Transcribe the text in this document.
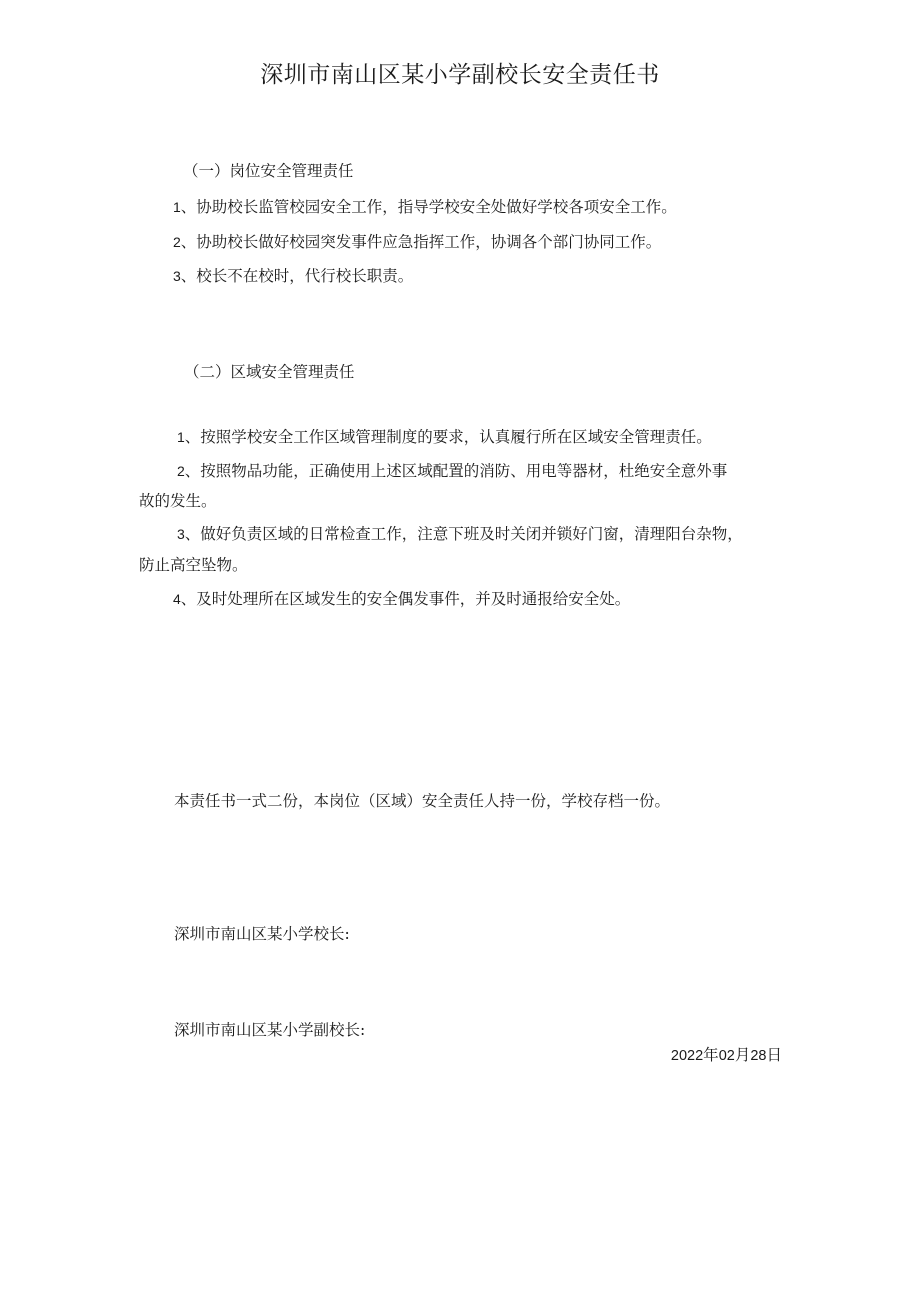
深圳市南山区某小学副校长安全责任书
（一）岗位安全管理责任
1、协助校长监管校园安全工作，指导学校安全处做好学校各项安全工作。
2、协助校长做好校园突发事件应急指挥工作，协调各个部门协同工作。
3、校长不在校时，代行校长职责。
（二）区域安全管理责任
1、按照学校安全工作区域管理制度的要求，认真履行所在区域安全管理责任。
2、按照物品功能，正确使用上述区域配置的消防、用电等器材，杜绝安全意外事
故的发生。
3、做好负责区域的日常检查工作，注意下班及时关闭并锁好门窗，清理阳台杂物，
防止高空坠物。
4、及时处理所在区域发生的安全偶发事件，并及时通报给安全处。
本责任书一式二份，本岗位（区域）安全责任人持一份，学校存档一份。
深圳市南山区某小学校长:
深圳市南山区某小学副校长:
2022年02月28日
